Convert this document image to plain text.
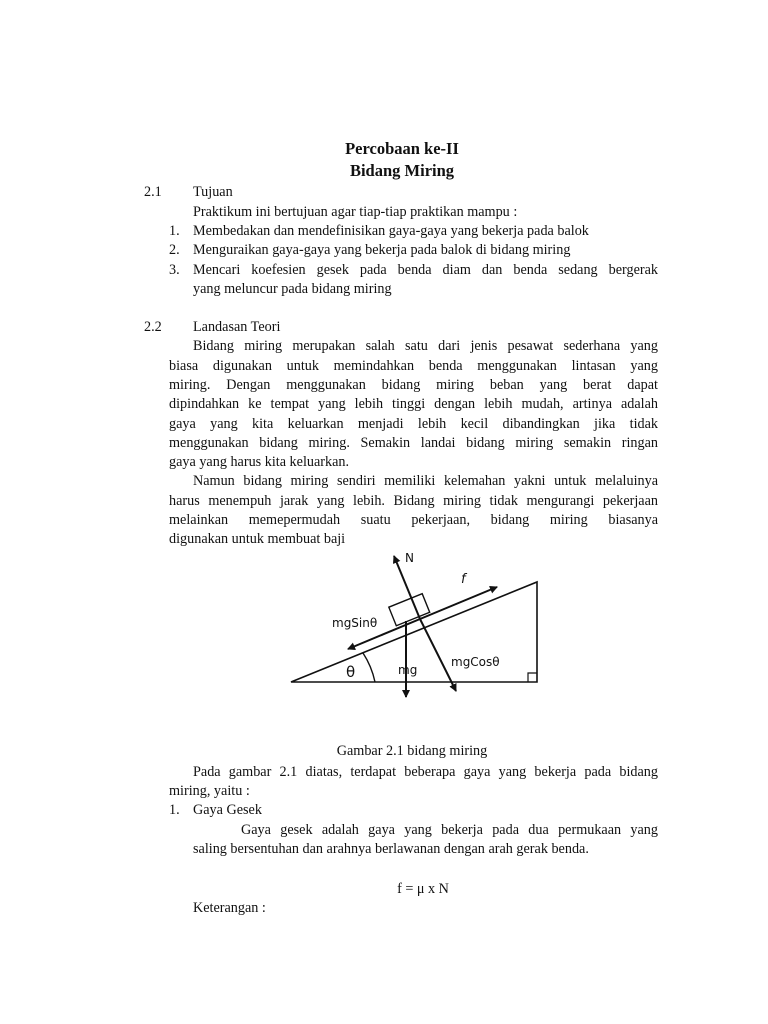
Percobaan ke-II
Bidang Miring
2.1 Tujuan
Praktikum ini bertujuan agar tiap-tiap praktikan mampu :
1. Membedakan dan mendefinisikan gaya-gaya yang bekerja pada balok
2. Menguraikan gaya-gaya yang bekerja pada balok di bidang miring
3. Mencari koefesien gesek pada benda diam dan benda sedang bergerak
yang meluncur pada bidang miring
2.2 Landasan Teori
Bidang miring merupakan salah satu dari jenis pesawat sederhana yang
biasa digunakan untuk memindahkan benda menggunakan lintasan yang
miring. Dengan menggunakan bidang miring beban yang berat dapat
dipindahkan ke tempat yang lebih tinggi dengan lebih mudah, artinya adalah
gaya yang kita keluarkan menjadi lebih kecil dibandingkan jika tidak
menggunakan bidang miring. Semakin landai bidang miring semakin ringan
gaya yang harus kita keluarkan.
Namun bidang miring sendiri memiliki kelemahan yakni untuk melaluinya
harus menempuh jarak yang lebih. Bidang miring tidak mengurangi pekerjaan
melainkan memepermudah suatu pekerjaan, bidang miring biasanya
digunakan untuk membuat baji
N
f
mgSinθ
θ	mg
mgCosθ
Gambar 2.1 bidang miring
Pada gambar 2.1 diatas, terdapat beberapa gaya yang bekerja pada bidang
miring, yaitu :
1. Gaya Gesek
Gaya gesek adalah gaya yang bekerja pada dua permukaan yang
saling bersentuhan dan arahnya berlawanan dengan arah gerak benda.
f = μ x N
Keterangan :
